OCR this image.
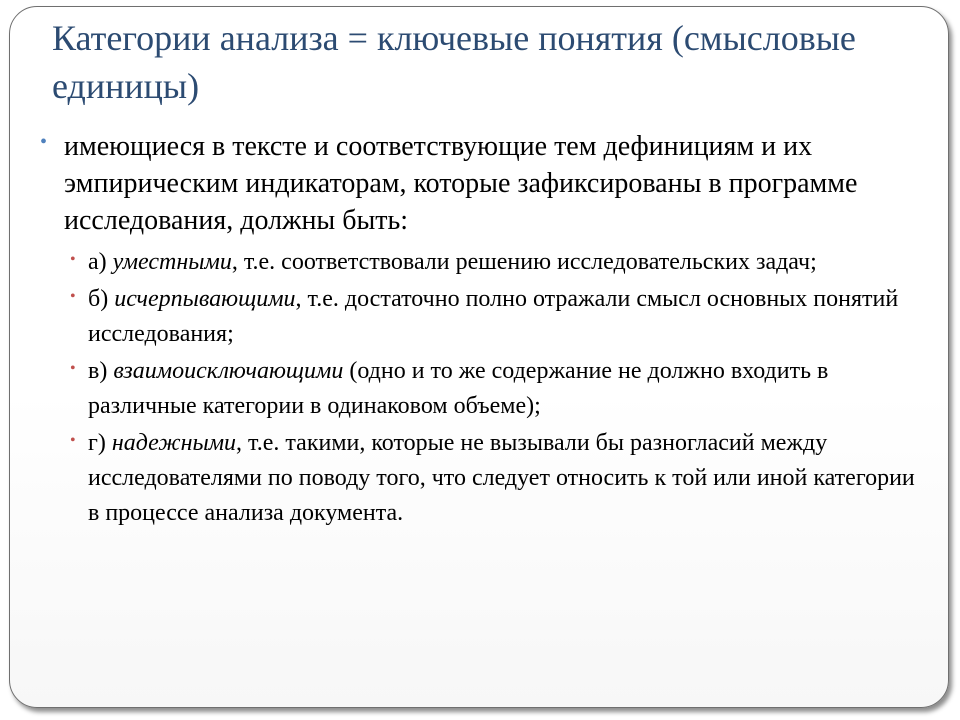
Категории анализа = ключевые понятия (смысловые единицы)
• имеющиеся в тексте и соответствующие тем дефинициям и их эмпирическим индикаторам, которые зафиксированы в программе исследования, должны быть:
• а) уместными, т.е. соответствовали решению исследовательских задач;
• б) исчерпывающими, т.е. достаточно полно отражали смысл основных понятий исследования;
• в) взаимоисключающими (одно и то же содержание не должно входить в различные категории в одинаковом объеме);
• г) надежными, т.е. такими, которые не вызывали бы разногласий между исследователями по поводу того, что следует относить к той или иной категории в процессе анализа документа.
